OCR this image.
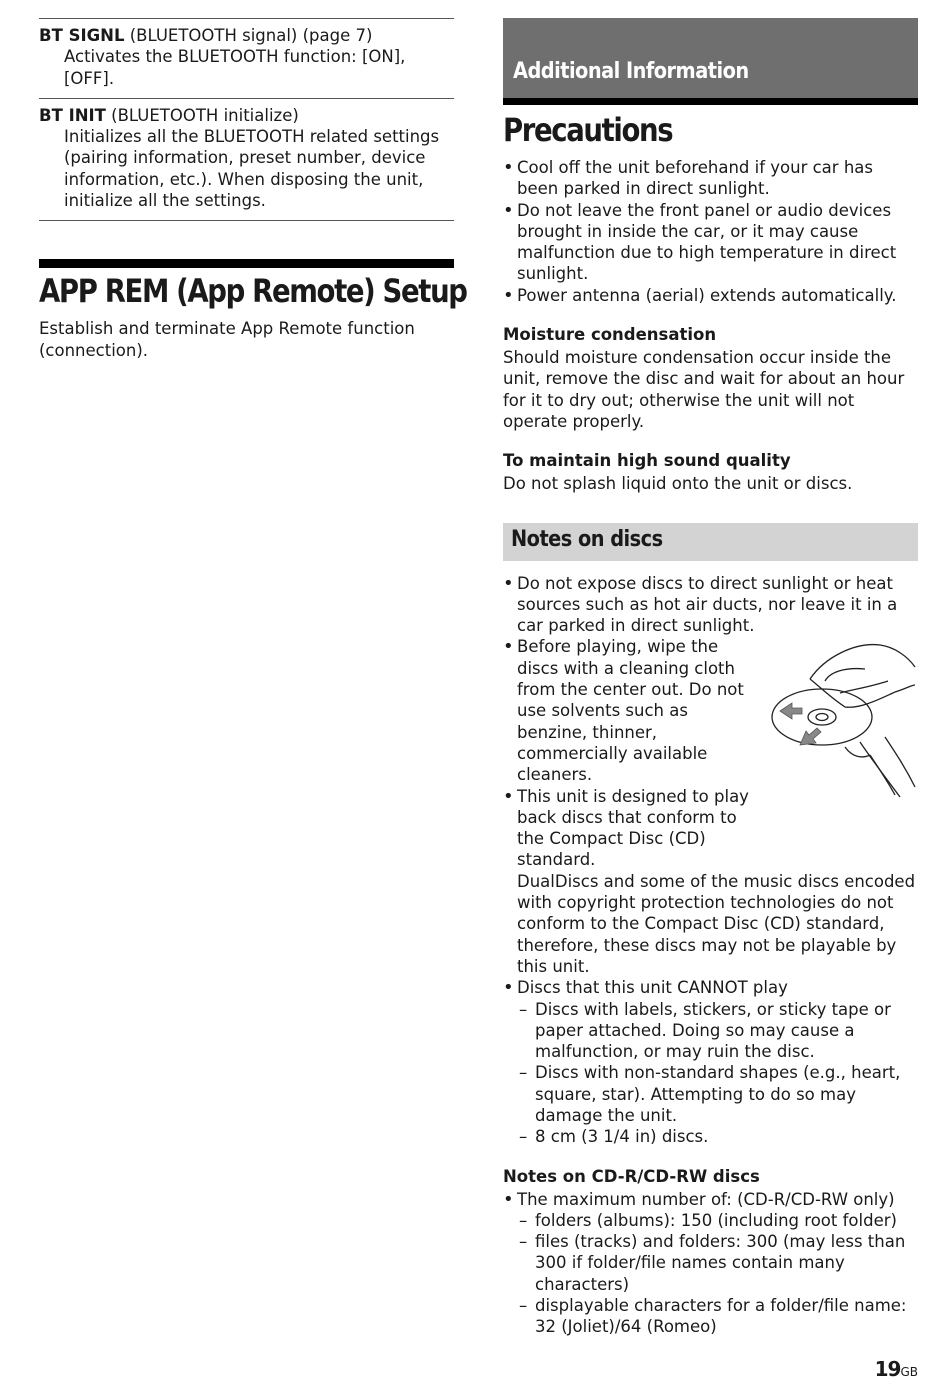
BT SIGNL (BLUETOOTH signal) (page 7)
Activates the BLUETOOTH function: [ON], [OFF].
BT INIT (BLUETOOTH initialize)
Initializes all the BLUETOOTH related settings (pairing information, preset number, device information, etc.). When disposing the unit, initialize all the settings.
APP REM (App Remote) Setup

Establish and terminate App Remote function (connection).

Additional Information
Precautions
• Cool off the unit beforehand if your car has been parked in direct sunlight.
• Do not leave the front panel or audio devices brought in inside the car, or it may cause malfunction due to high temperature in direct sunlight.
• Power antenna (aerial) extends automatically.
Moisture condensation

Should moisture condensation occur inside the unit, remove the disc and wait for about an hour for it to dry out; otherwise the unit will not operate properly.

To maintain high sound quality

Do not splash liquid onto the unit or discs.

Notes on discs
• Do not expose discs to direct sunlight or heat sources such as hot air ducts, nor leave it in a car parked in direct sunlight.
• Before playing, wipe the discs with a cleaning cloth from the center out. Do not use solvents such as benzine, thinner, commercially available cleaners.
• This unit is designed to play back discs that conform to the Compact Disc (CD) standard.
DualDiscs and some of the music discs encoded with copyright protection technologies do not conform to the Compact Disc (CD) standard, therefore, these discs may not be playable by this unit.
• Discs that this unit CANNOT play
– Discs with labels, stickers, or sticky tape or paper attached. Doing so may cause a malfunction, or may ruin the disc.
– Discs with non-standard shapes (e.g., heart, square, star). Attempting to do so may damage the unit.
– 8 cm (3 1/4 in) discs.
Notes on CD-R/CD-RW discs
• The maximum number of: (CD-R/CD-RW only)
– folders (albums): 150 (including root folder)
– files (tracks) and folders: 300 (may less than 300 if folder/file names contain many characters)
– displayable characters for a folder/file name: 32 (Joliet)/64 (Romeo)
19GB
